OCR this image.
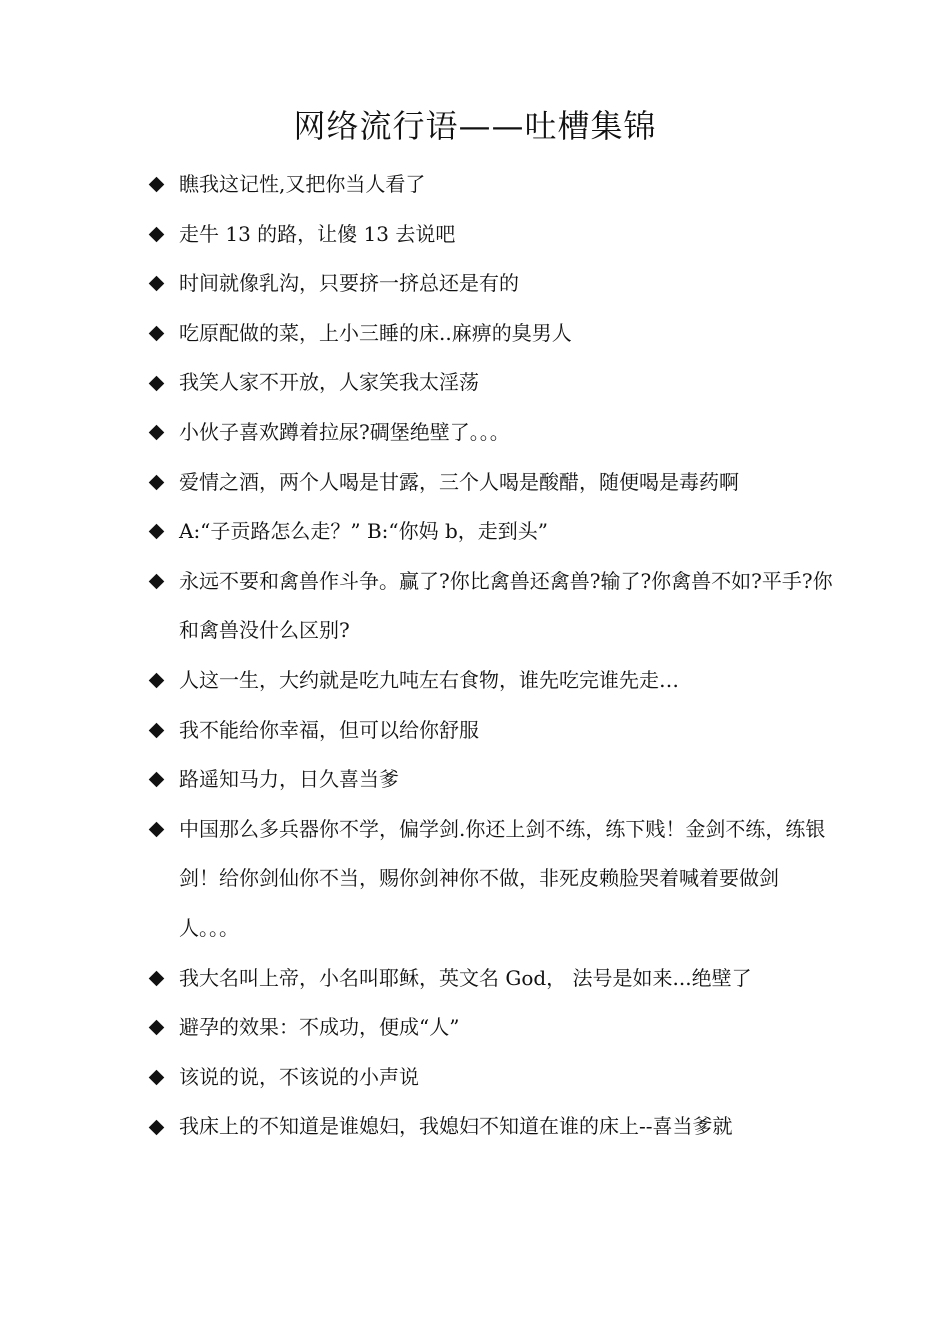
网络流行语——吐槽集锦
瞧我这记性,又把你当人看了
走牛 13 的路，让傻 13 去说吧
时间就像乳沟，只要挤一挤总还是有的
吃原配做的菜，上小三睡的床..麻痹的臭男人
我笑人家不开放，人家笑我太淫荡
小伙子喜欢蹲着拉尿?碉堡绝壁了。。。
爱情之酒，两个人喝是甘露，三个人喝是酸醋，随便喝是毒药啊
A:“子贡路怎么走？” B:“你妈 b，走到头”
永远不要和禽兽作斗争。赢了?你比禽兽还禽兽?输了?你禽兽不如?平手?你和禽兽没什么区别?
人这一生，大约就是吃九吨左右食物，谁先吃完谁先走…
我不能给你幸福，但可以给你舒服
路遥知马力，日久喜当爹
中国那么多兵器你不学，偏学剑.你还上剑不练，练下贱！金剑不练，练银剑！给你剑仙你不当，赐你剑神你不做，非死皮赖脸哭着喊着要做剑人。。。
我大名叫上帝，小名叫耶稣，英文名 God， 法号是如来...绝壁了
避孕的效果：不成功，便成“人”
该说的说，不该说的小声说
我床上的不知道是谁媳妇，我媳妇不知道在谁的床上--喜当爹就
